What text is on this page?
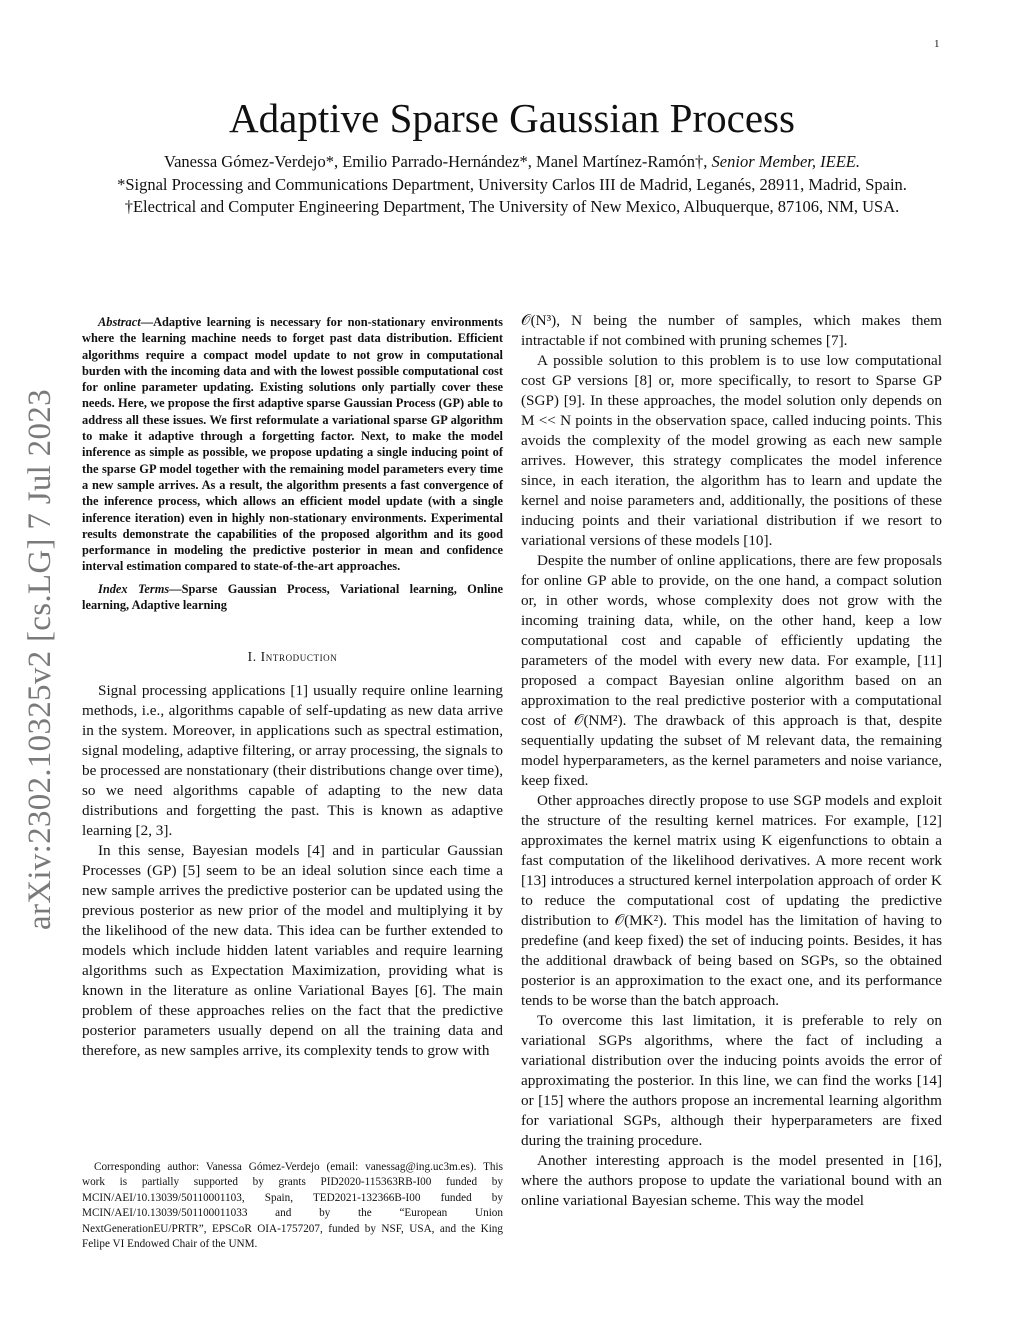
1
arXiv:2302.10325v2 [cs.LG] 7 Jul 2023
Adaptive Sparse Gaussian Process
Vanessa Gómez-Verdejo*, Emilio Parrado-Hernández*, Manel Martínez-Ramón†, Senior Member, IEEE.
*Signal Processing and Communications Department, University Carlos III de Madrid, Leganés, 28911, Madrid, Spain.
†Electrical and Computer Engineering Department, The University of New Mexico, Albuquerque, 87106, NM, USA.

Abstract—Adaptive learning is necessary for non-stationary environments where the learning machine needs to forget past data distribution. Efficient algorithms require a compact model update to not grow in computational burden with the incoming data and with the lowest possible computational cost for online parameter updating. Existing solutions only partially cover these needs. Here, we propose the first adaptive sparse Gaussian Process (GP) able to address all these issues. We first reformulate a variational sparse GP algorithm to make it adaptive through a forgetting factor. Next, to make the model inference as simple as possible, we propose updating a single inducing point of the sparse GP model together with the remaining model parameters every time a new sample arrives. As a result, the algorithm presents a fast convergence of the inference process, which allows an efficient model update (with a single inference iteration) even in highly non-stationary environments. Experimental results demonstrate the capabilities of the proposed algorithm and its good performance in modeling the predictive posterior in mean and confidence interval estimation compared to state-of-the-art approaches.

Index Terms—Sparse Gaussian Process, Variational learning, Online learning, Adaptive learning

I. Introduction

Signal processing applications [1] usually require online learning methods, i.e., algorithms capable of self-updating as new data arrive in the system. Moreover, in applications such as spectral estimation, signal modeling, adaptive filtering, or array processing, the signals to be processed are nonstationary (their distributions change over time), so we need algorithms capable of adapting to the new data distributions and forgetting the past. This is known as adaptive learning [2, 3].

In this sense, Bayesian models [4] and in particular Gaussian Processes (GP) [5] seem to be an ideal solution since each time a new sample arrives the predictive posterior can be updated using the previous posterior as new prior of the model and multiplying it by the likelihood of the new data. This idea can be further extended to models which include hidden latent variables and require learning algorithms such as Expectation Maximization, providing what is known in the literature as online Variational Bayes [6]. The main problem of these approaches relies on the fact that the predictive posterior parameters usually depend on all the training data and therefore, as new samples arrive, its complexity tends to grow with

𝒪(N³), N being the number of samples, which makes them intractable if not combined with pruning schemes [7].

A possible solution to this problem is to use low computational cost GP versions [8] or, more specifically, to resort to Sparse GP (SGP) [9]. In these approaches, the model solution only depends on M << N points in the observation space, called inducing points. This avoids the complexity of the model growing as each new sample arrives. However, this strategy complicates the model inference since, in each iteration, the algorithm has to learn and update the kernel and noise parameters and, additionally, the positions of these inducing points and their variational distribution if we resort to variational versions of these models [10].

Despite the number of online applications, there are few proposals for online GP able to provide, on the one hand, a compact solution or, in other words, whose complexity does not grow with the incoming training data, while, on the other hand, keep a low computational cost and capable of efficiently updating the parameters of the model with every new data. For example, [11] proposed a compact Bayesian online algorithm based on an approximation to the real predictive posterior with a computational cost of 𝒪(NM²). The drawback of this approach is that, despite sequentially updating the subset of M relevant data, the remaining model hyperparameters, as the kernel parameters and noise variance, keep fixed.

Other approaches directly propose to use SGP models and exploit the structure of the resulting kernel matrices. For example, [12] approximates the kernel matrix using K eigenfunctions to obtain a fast computation of the likelihood derivatives. A more recent work [13] introduces a structured kernel interpolation approach of order K to reduce the computational cost of updating the predictive distribution to 𝒪(MK²). This model has the limitation of having to predefine (and keep fixed) the set of inducing points. Besides, it has the additional drawback of being based on SGPs, so the obtained posterior is an approximation to the exact one, and its performance tends to be worse than the batch approach.

To overcome this last limitation, it is preferable to rely on variational SGPs algorithms, where the fact of including a variational distribution over the inducing points avoids the error of approximating the posterior. In this line, we can find the works [14] or [15] where the authors propose an incremental learning algorithm for variational SGPs, although their hyperparameters are fixed during the training procedure.

Another interesting approach is the model presented in [16], where the authors propose to update the variational bound with an online variational Bayesian scheme. This way the model

Corresponding author: Vanessa Gómez-Verdejo (email: vanessag@ing.uc3m.es). This work is partially supported by grants PID2020-115363RB-I00 funded by MCIN/AEI/10.13039/50110001103, Spain, TED2021-132366B-I00 funded by MCIN/AEI/10.13039/501100011033 and by the “European Union NextGenerationEU/PRTR”, EPSCoR OIA-1757207, funded by NSF, USA, and the King Felipe VI Endowed Chair of the UNM.
